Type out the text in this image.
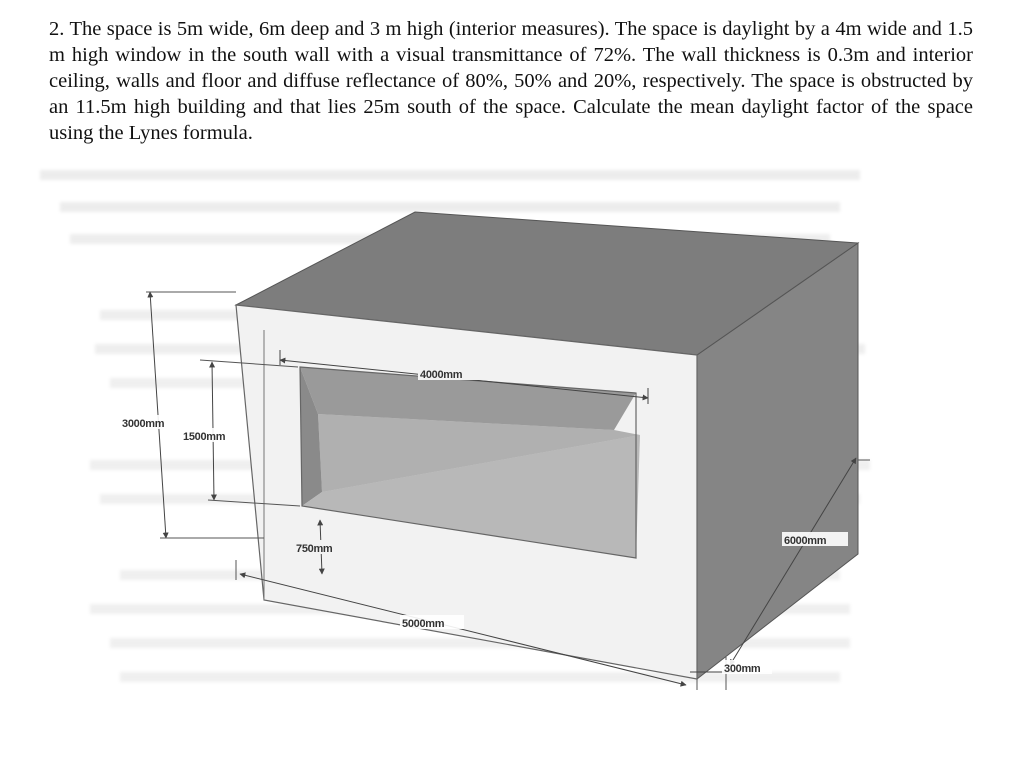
2. The space is 5m wide, 6m deep and 3 m high (interior measures). The space is daylight by a 4m wide and 1.5 m high window in the south wall with a visual transmittance of 72%. The wall thickness is 0.3m and interior ceiling, walls and floor and diffuse reflectance of 80%, 50% and 20%, respectively. The space is obstructed by an 11.5m high building and that lies 25m south of the space. Calculate the mean daylight factor of the space using the Lynes formula.

4000mm
3000mm
1500mm
750mm
5000mm
6000mm
300mm
